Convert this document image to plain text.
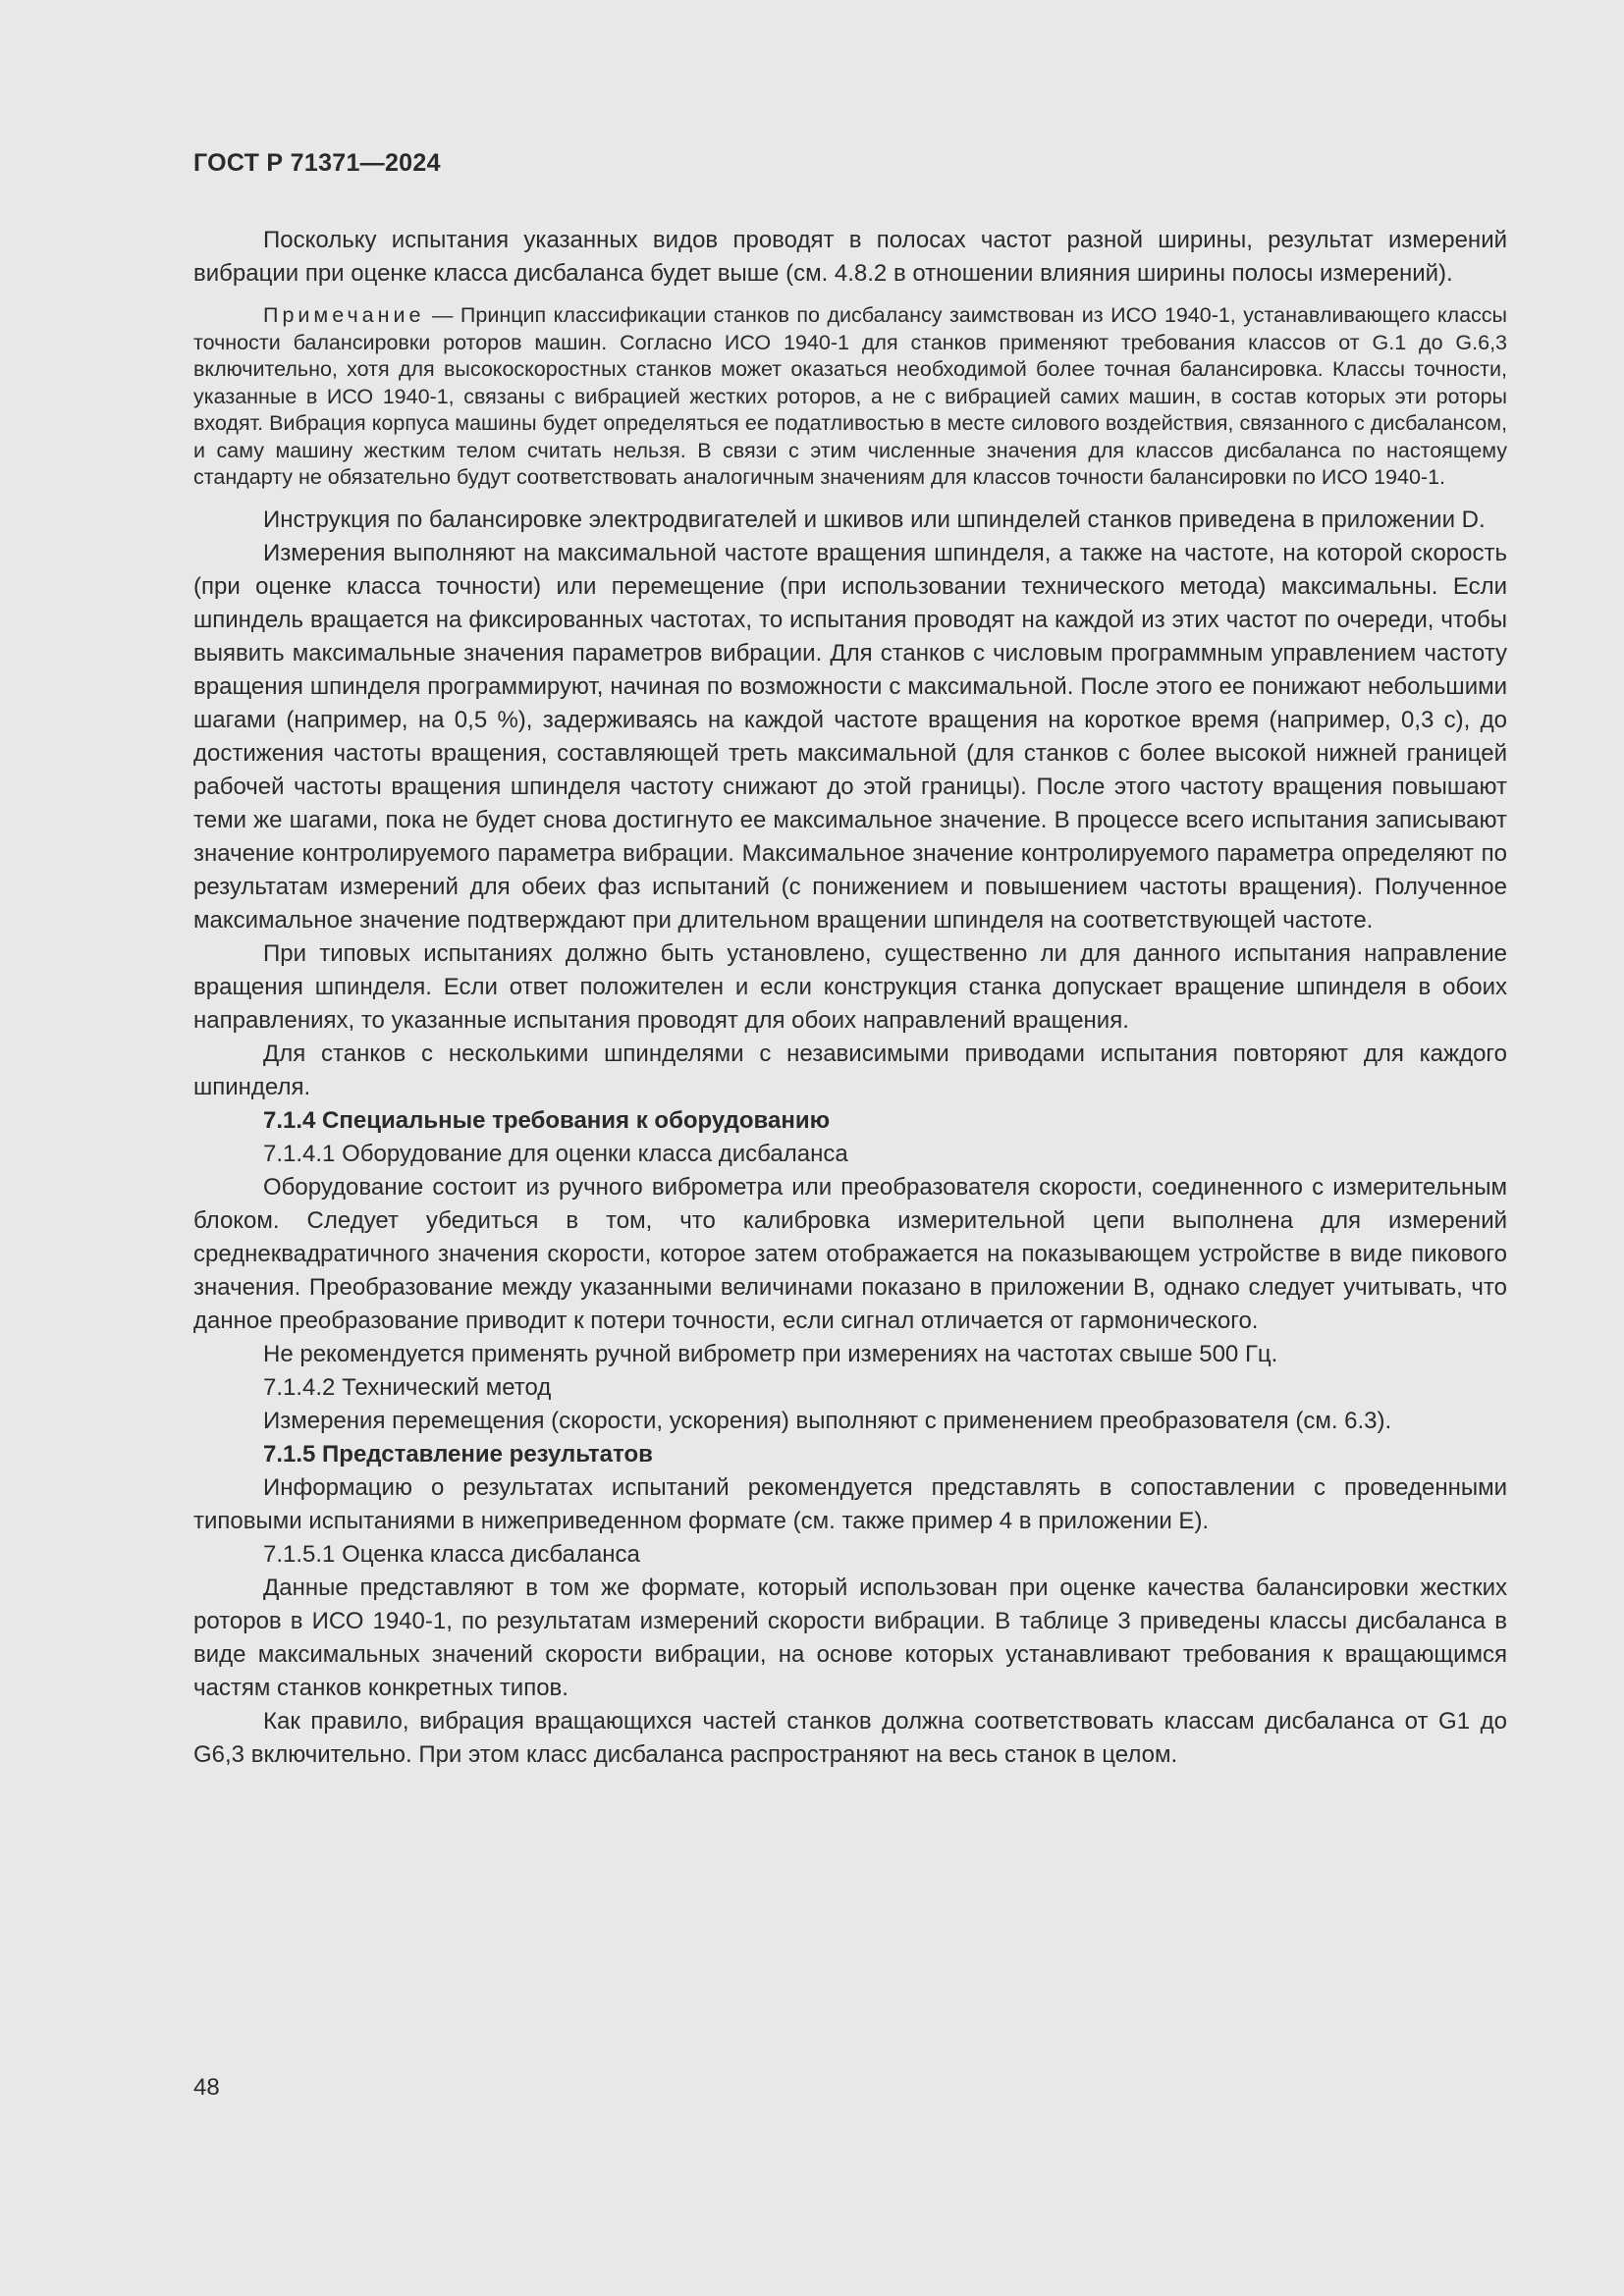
ГОСТ Р 71371—2024

Поскольку испытания указанных видов проводят в полосах частот разной ширины, результат измерений вибрации при оценке класса дисбаланса будет выше (см. 4.8.2 в отношении влияния ширины полосы измерений).

Примечание — Принцип классификации станков по дисбалансу заимствован из ИСО 1940-1, устанавливающего классы точности балансировки роторов машин. Согласно ИСО 1940-1 для станков применяют требования классов от G.1 до G.6,3 включительно, хотя для высокоскоростных станков может оказаться необходимой более точная балансировка. Классы точности, указанные в ИСО 1940-1, связаны с вибрацией жестких роторов, а не с вибрацией самих машин, в состав которых эти роторы входят. Вибрация корпуса машины будет определяться ее податливостью в месте силового воздействия, связанного с дисбалансом, и саму машину жестким телом считать нельзя. В связи с этим численные значения для классов дисбаланса по настоящему стандарту не обязательно будут соответствовать аналогичным значениям для классов точности балансировки по ИСО 1940-1.

Инструкция по балансировке электродвигателей и шкивов или шпинделей станков приведена в приложении D.

Измерения выполняют на максимальной частоте вращения шпинделя, а также на частоте, на которой скорость (при оценке класса точности) или перемещение (при использовании технического метода) максимальны. Если шпиндель вращается на фиксированных частотах, то испытания проводят на каждой из этих частот по очереди, чтобы выявить максимальные значения параметров вибрации. Для станков с числовым программным управлением частоту вращения шпинделя программируют, начиная по возможности с максимальной. После этого ее понижают небольшими шагами (например, на 0,5 %), задерживаясь на каждой частоте вращения на короткое время (например, 0,3 с), до достижения частоты вращения, составляющей треть максимальной (для станков с более высокой нижней границей рабочей частоты вращения шпинделя частоту снижают до этой границы). После этого частоту вращения повышают теми же шагами, пока не будет снова достигнуто ее максимальное значение. В процессе всего испытания записывают значение контролируемого параметра вибрации. Максимальное значение контролируемого параметра определяют по результатам измерений для обеих фаз испытаний (с понижением и повышением частоты вращения). Полученное максимальное значение подтверждают при длительном вращении шпинделя на соответствующей частоте.

При типовых испытаниях должно быть установлено, существенно ли для данного испытания направление вращения шпинделя. Если ответ положителен и если конструкция станка допускает вращение шпинделя в обоих направлениях, то указанные испытания проводят для обоих направлений вращения.

Для станков с несколькими шпинделями с независимыми приводами испытания повторяют для каждого шпинделя.

7.1.4 Специальные требования к оборудованию

7.1.4.1 Оборудование для оценки класса дисбаланса

Оборудование состоит из ручного виброметра или преобразователя скорости, соединенного с измерительным блоком. Следует убедиться в том, что калибровка измерительной цепи выполнена для измерений среднеквадратичного значения скорости, которое затем отображается на показывающем устройстве в виде пикового значения. Преобразование между указанными величинами показано в приложении В, однако следует учитывать, что данное преобразование приводит к потери точности, если сигнал отличается от гармонического.

Не рекомендуется применять ручной виброметр при измерениях на частотах свыше 500 Гц.

7.1.4.2 Технический метод

Измерения перемещения (скорости, ускорения) выполняют с применением преобразователя (см. 6.3).

7.1.5 Представление результатов

Информацию о результатах испытаний рекомендуется представлять в сопоставлении с проведенными типовыми испытаниями в нижеприведенном формате (см. также пример 4 в приложении E).

7.1.5.1 Оценка класса дисбаланса

Данные представляют в том же формате, который использован при оценке качества балансировки жестких роторов в ИСО 1940-1, по результатам измерений скорости вибрации. В таблице 3 приведены классы дисбаланса в виде максимальных значений скорости вибрации, на основе которых устанавливают требования к вращающимся частям станков конкретных типов.

Как правило, вибрация вращающихся частей станков должна соответствовать классам дисбаланса от G1 до G6,3 включительно. При этом класс дисбаланса распространяют на весь станок в целом.

48
